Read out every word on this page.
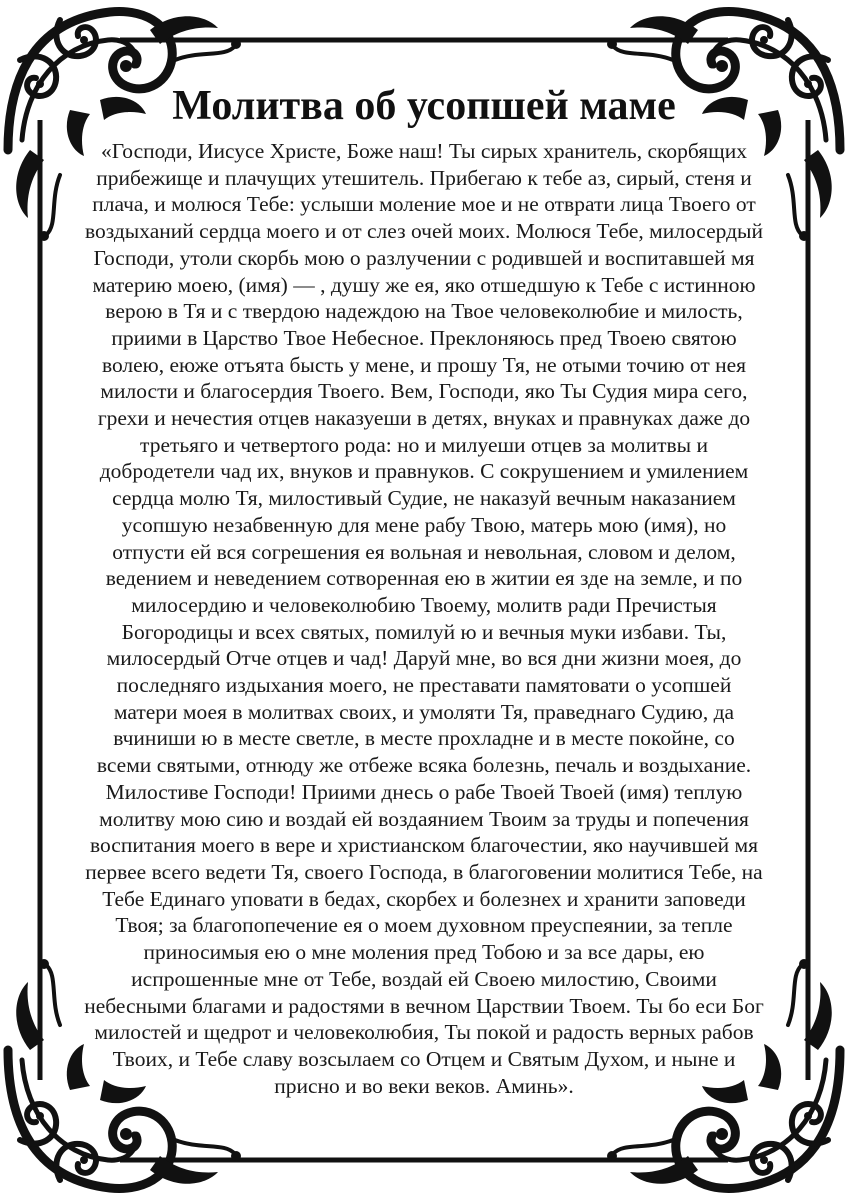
Молитва об усопшей маме

«Господи, Иисусе Христе, Боже наш! Ты сирых хранитель, скорбящих прибежище и плачущих утешитель. Прибегаю к тебе аз, сирый, стеня и плача, и молюся Тебе: услыши моление мое и не отврати лица Твоего от воздыханий сердца моего и от слез очей моих. Молюся Тебе, милосердый Господи, утоли скорбь мою о разлучении с родившей и воспитавшей мя материю моею, (имя) — , душу же ея, яко отшедшую к Тебе с истинною верою в Тя и с твердою надеждою на Твое человеколюбие и милость, приими в Царство Твое Небесное. Преклоняюсь пред Твоею святою волею, еюже отъята бысть у мене, и прошу Тя, не отыми точию от нея милости и благосердия Твоего. Вем, Господи, яко Ты Судия мира сего, грехи и нечестия отцев наказуеши в детях, внуках и правнуках даже до третьяго и четвертого рода: но и милуеши отцев за молитвы и добродетели чад их, внуков и правнуков. С сокрушением и умилением сердца молю Тя, милостивый Судие, не наказуй вечным наказанием усопшую незабвенную для мене рабу Твою, матерь мою (имя), но отпусти ей вся согрешения ея вольная и невольная, словом и делом, ведением и неведением сотворенная ею в житии ея зде на земле, и по милосердию и человеколюбию Твоему, молитв ради Пречистыя Богородицы и всех святых, помилуй ю и вечныя муки избави. Ты, милосердый Отче отцев и чад! Даруй мне, во вся дни жизни моея, до последняго издыхания моего, не преставати памятовати о усопшей матери моея в молитвах своих, и умоляти Тя, праведнаго Судию, да вчиниши ю в месте светле, в месте прохладне и в месте покойне, со всеми святыми, отнюду же отбеже всяка болезнь, печаль и воздыхание. Милостиве Господи! Приими днесь о рабе Твоей Твоей (имя) теплую молитву мою сию и воздай ей воздаянием Твоим за труды и попечения воспитания моего в вере и христианском благочестии, яко научившей мя первее всего ведети Тя, своего Господа, в благоговении молитися Тебе, на Тебе Единаго уповати в бедах, скорбех и болезнех и хранити заповеди Твоя; за благопопечение ея о моем духовном преуспеянии, за тепле приносимыя ею о мне моления пред Тобою и за все дары, ею испрошенные мне от Тебе, воздай ей Своею милостию, Своими небесными благами и радостями в вечном Царствии Твоем. Ты бо еси Бог милостей и щедрот и человеколюбия, Ты покой и радость верных рабов Твоих, и Тебе славу возсылаем со Отцем и Святым Духом, и ныне и присно и во веки веков. Аминь».
